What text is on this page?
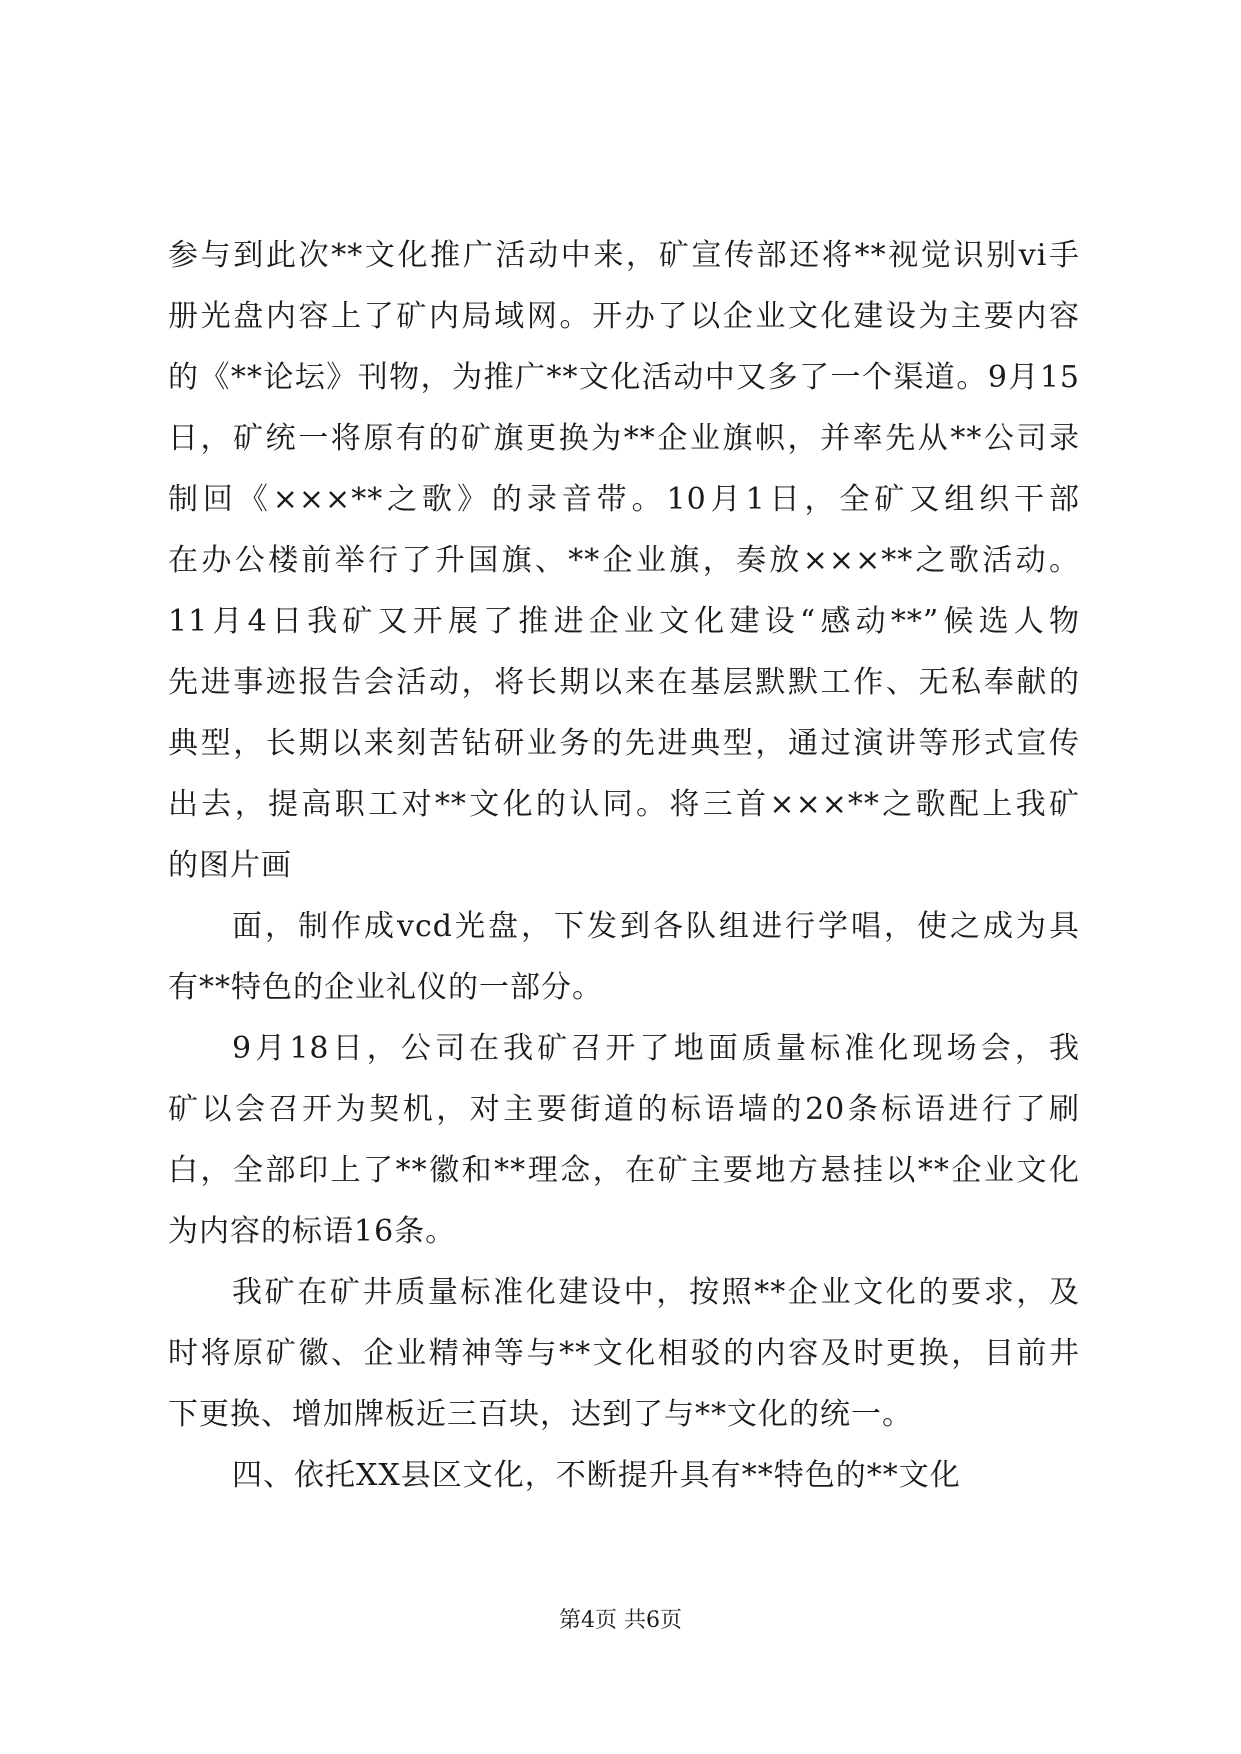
参与到此次**文化推广活动中来，矿宣传部还将**视觉识别vi手
册光盘内容上了矿内局域网。开办了以企业文化建设为主要内容
的《**论坛》刊物，为推广**文化活动中又多了一个渠道。9月15
日，矿统一将原有的矿旗更换为**企业旗帜，并率先从**公司录
制回《×××**之歌》的录音带。10月1日，全矿又组织干部
在办公楼前举行了升国旗、**企业旗，奏放×××**之歌活动。
11月4日我矿又开展了推进企业文化建设“感动**”候选人物
先进事迹报告会活动，将长期以来在基层默默工作、无私奉献的
典型，长期以来刻苦钻研业务的先进典型，通过演讲等形式宣传
出去，提高职工对**文化的认同。将三首×××**之歌配上我矿
的图片画
面，制作成vcd光盘，下发到各队组进行学唱，使之成为具
有**特色的企业礼仪的一部分。
9月18日，公司在我矿召开了地面质量标准化现场会，我
矿以会召开为契机，对主要街道的标语墙的20条标语进行了刷
白，全部印上了**徽和**理念，在矿主要地方悬挂以**企业文化
为内容的标语16条。
我矿在矿井质量标准化建设中，按照**企业文化的要求，及
时将原矿徽、企业精神等与**文化相驳的内容及时更换，目前井
下更换、增加牌板近三百块，达到了与**文化的统一。
四、依托XX县区文化，不断提升具有**特色的**文化
第4页 共6页
